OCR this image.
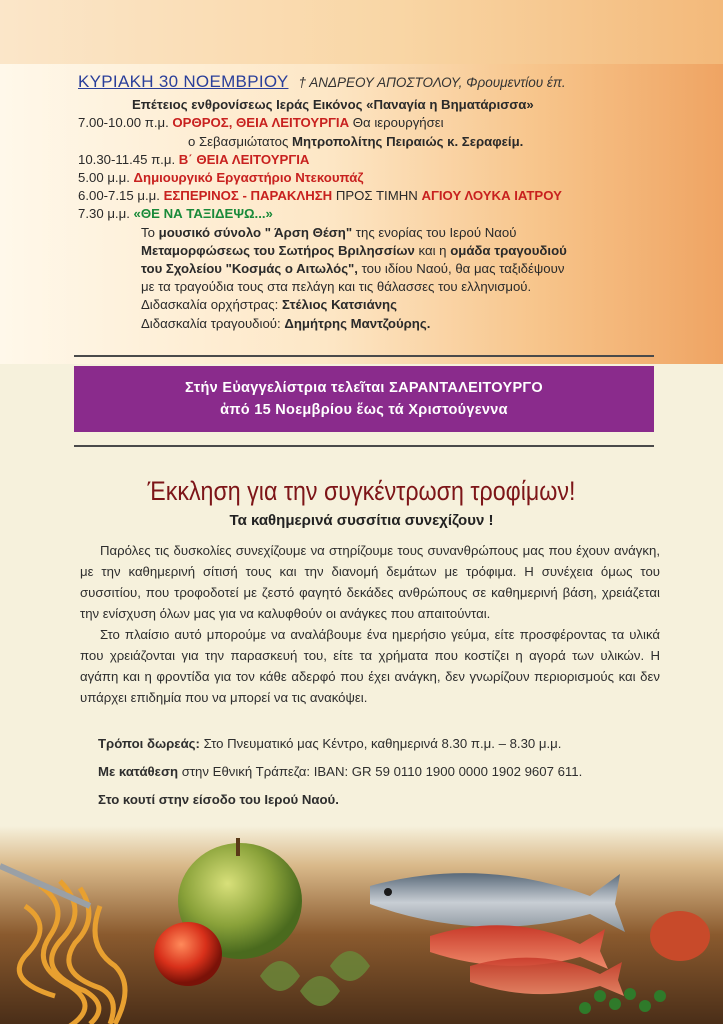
ΚΥΡΙΑΚΗ 30 ΝΟΕΜΒΡΙΟΥ † ΑΝΔΡΕΟΥ ΑΠΟΣΤΟΛΟΥ, Φρουμεντίου έπ.
Επέτειος ενθρονίσεως Ιεράς Εικόνος «Παναγία η Βηματάρισσα»
7.00-10.00 π.μ. ΟΡΘΡΟΣ, ΘΕΙΑ ΛΕΙΤΟΥΡΓΙΑ Θα ιερουργήσει
ο Σεβασμιώτατος Μητροπολίτης Πειραιώς κ. Σεραφείμ.
10.30-11.45 π.μ. Β΄ ΘΕΙΑ ΛΕΙΤΟΥΡΓΙΑ
5.00 μ.μ. Δημιουργικό Εργαστήριο Ντεκουπάζ
6.00-7.15 μ.μ. ΕΣΠΕΡΙΝΟΣ - ΠΑΡΑΚΛΗΣΗ ΠΡΟΣ ΤΙΜΗΝ ΑΓΙΟΥ ΛΟΥΚΑ ΙΑΤΡΟΥ
7.30 μ.μ. «ΘΕ ΝΑ ΤΑΞΙΔΕΨΩ...»
Το μουσικό σύνολο " Άρση Θέση" της ενορίας του Ιερού Ναού
Μεταμορφώσεως του Σωτήρος Βριλησσίων και η ομάδα τραγουδιού
του Σχολείου "Κοσμάς ο Αιτωλός", του ιδίου Ναού, θα μας ταξιδέψουν
με τα τραγούδια τους στα πελάγη και τις θάλασσες του ελληνισμού.
Διδασκαλία ορχήστρας: Στέλιος Κατσιάνης
Διδασκαλία τραγουδιού: Δημήτρης Μαντζούρης.
Στήν Εὐαγγελίστρια τελεῖται ΣΑΡΑΝΤΑΛΕΙΤΟΥΡΓΟ
ἀπό 15 Νοεμβρίου ἕως τά Χριστούγεννα
Έκκληση για την συγκέντρωση τροφίμων!
Τα καθημερινά συσσίτια συνεχίζουν !

Παρόλες τις δυσκολίες συνεχίζουμε να στηρίζουμε τους συνανθρώπους μας που έχουν ανάγκη, με την καθημερινή σίτισή τους και την διανομή δεμάτων με τρόφιμα. Η συνέχεια όμως του συσσιτίου, που τροφοδοτεί με ζεστό φαγητό δεκάδες ανθρώπους σε καθημερινή βάση, χρειάζεται την ενίσχυση όλων μας για να καλυφθούν οι ανάγκες που απαιτούνται.

Στο πλαίσιο αυτό μπορούμε να αναλάβουμε ένα ημερήσιο γεύμα, είτε προσφέροντας τα υλικά που χρειάζονται για την παρασκευή του, είτε τα χρήματα που κοστίζει η αγορά των υλικών. Η αγάπη και η φροντίδα για τον κάθε αδερφό που έχει ανάγκη, δεν γνωρίζουν περιορισμούς και δεν υπάρχει επιδημία που να μπορεί να τις ανακόψει.

Τρόποι δωρεάς: Στο Πνευματικό μας Κέντρο, καθημερινά 8.30 π.μ. – 8.30 μ.μ.
Με κατάθεση στην Εθνική Τράπεζα: IBAN: GR 59 0110 1900 0000 1902 9607 611.
Στο κουτί στην είσοδο του Ιερού Ναού.
